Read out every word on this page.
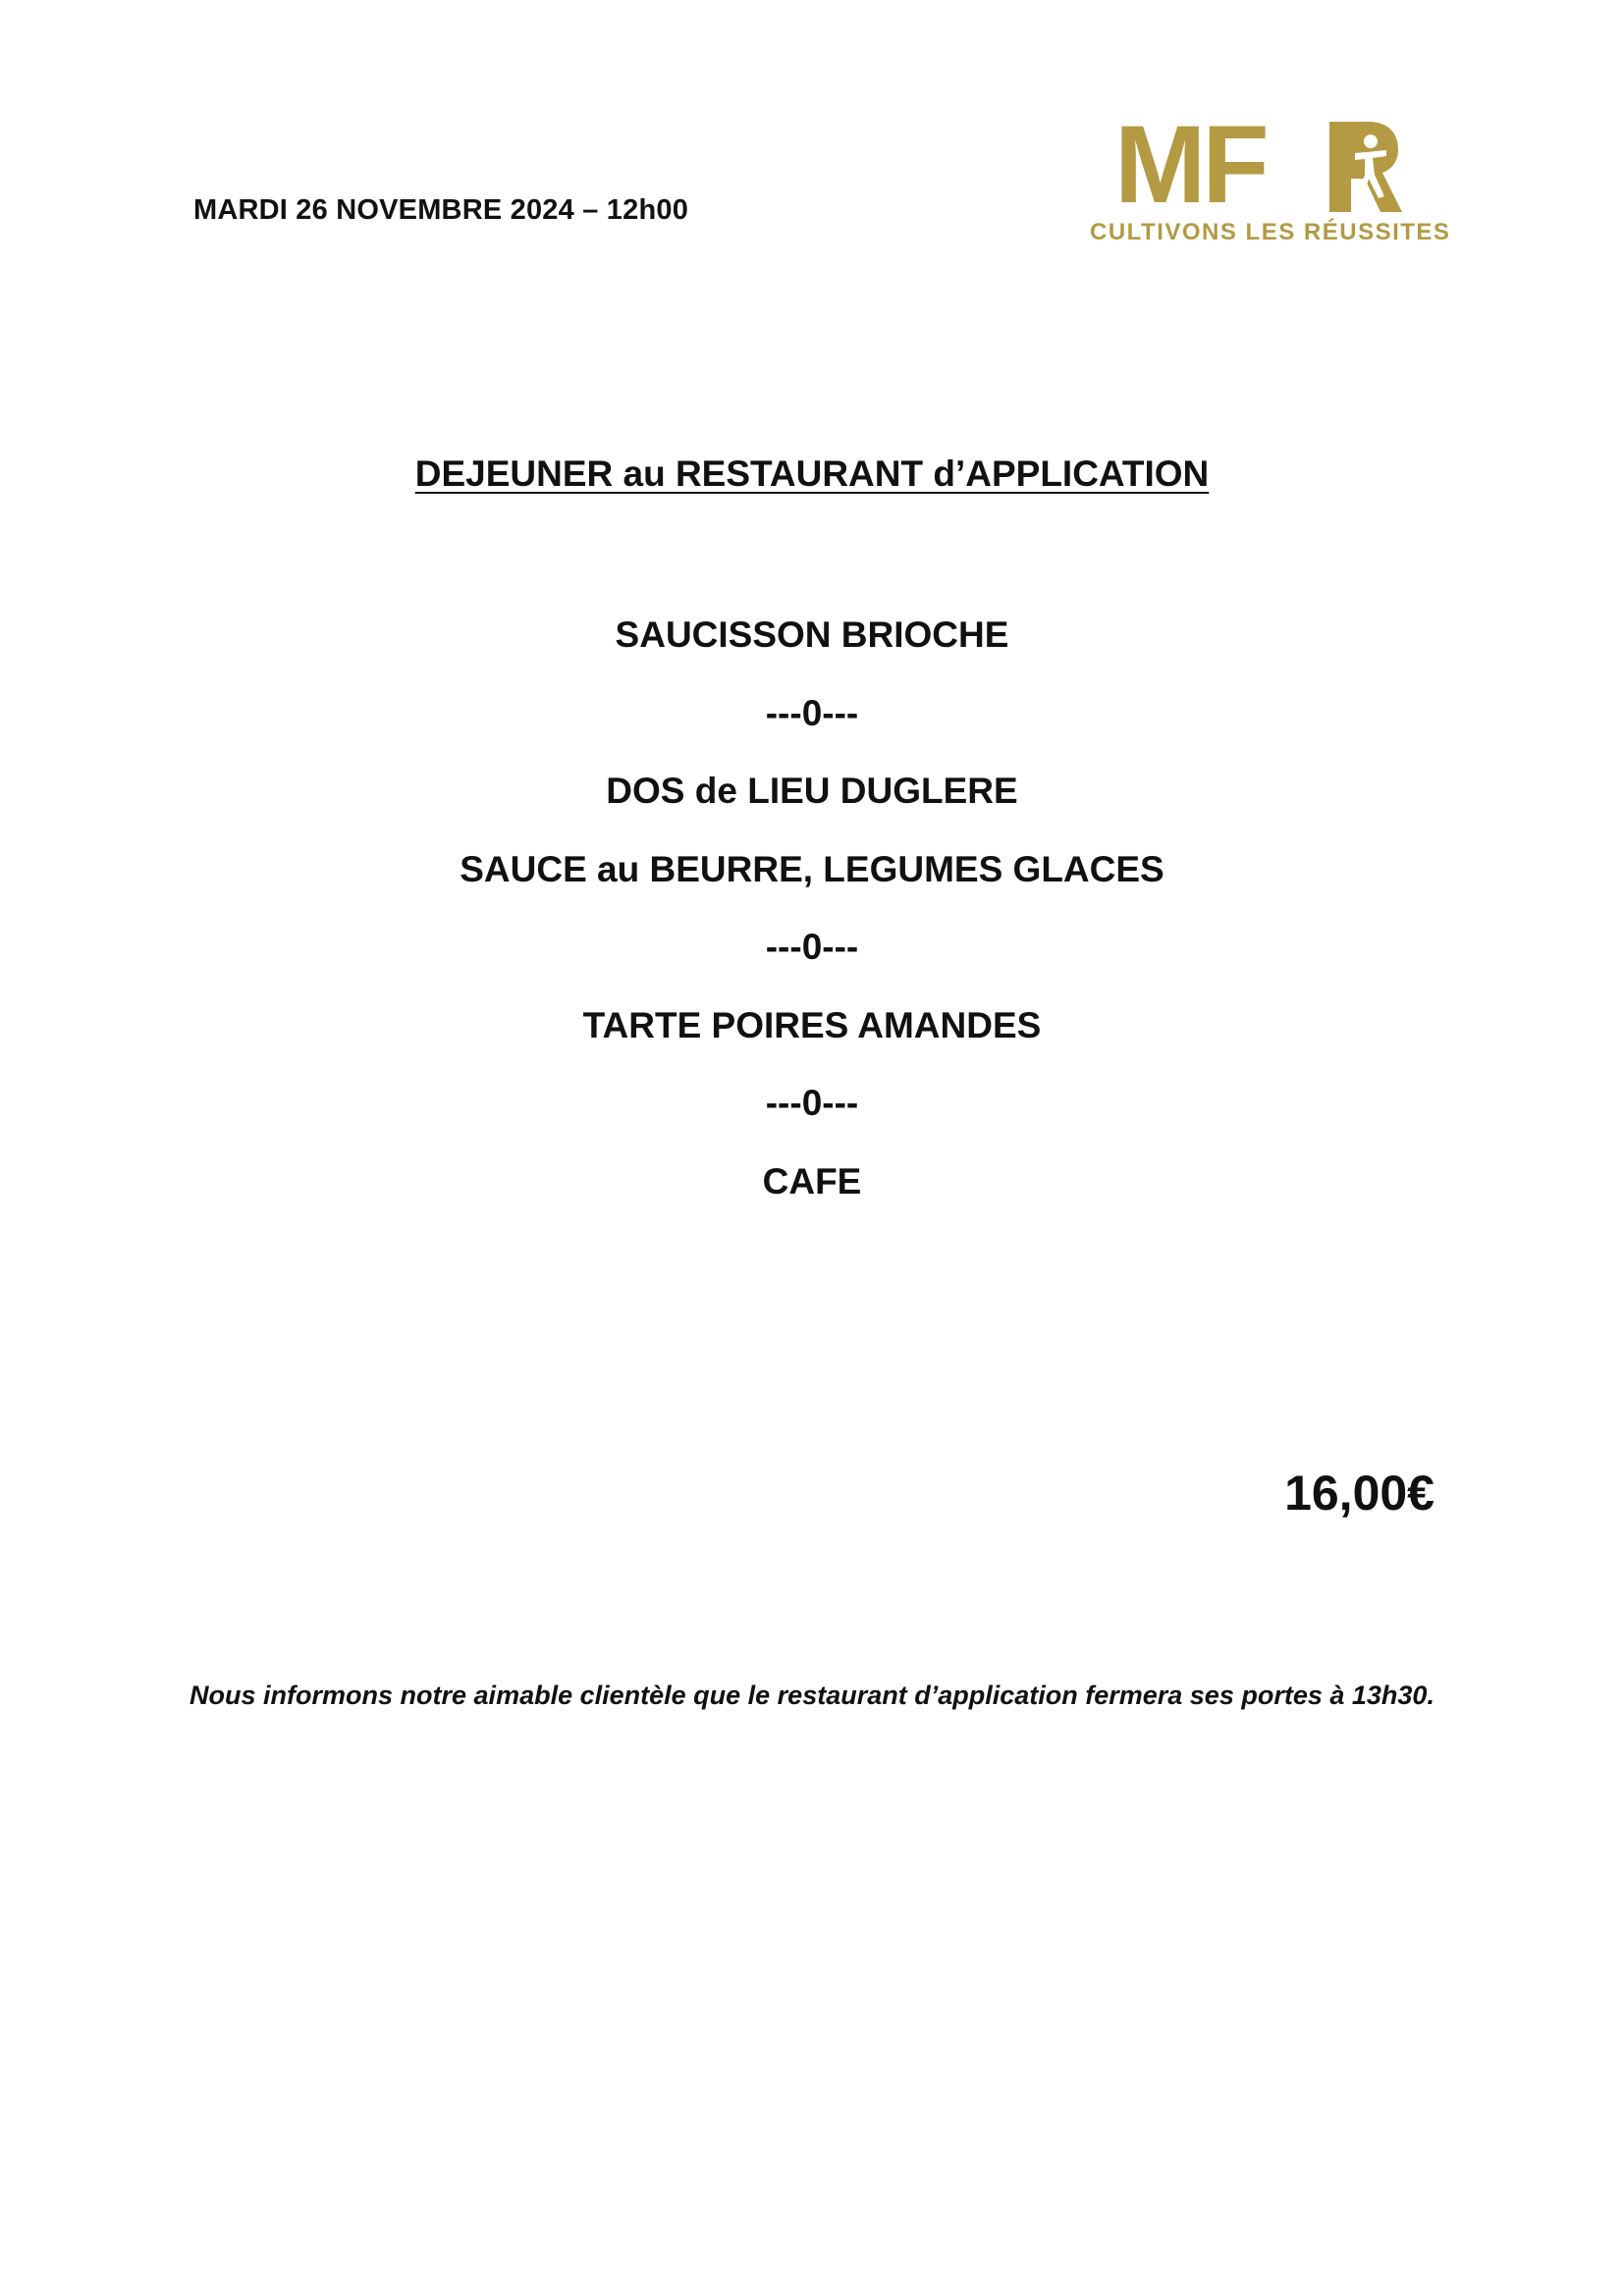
MARDI 26 NOVEMBRE 2024 – 12h00	MF
CULTIVONS LES RÉUSSITES
DEJEUNER au RESTAURANT d’APPLICATION
SAUCISSON BRIOCHE
---0---
DOS de LIEU DUGLERE
SAUCE au BEURRE, LEGUMES GLACES
---0---
TARTE POIRES AMANDES
---0---
CAFE
16,00€
Nous informons notre aimable clientèle que le restaurant d’application fermera ses portes à 13h30.
